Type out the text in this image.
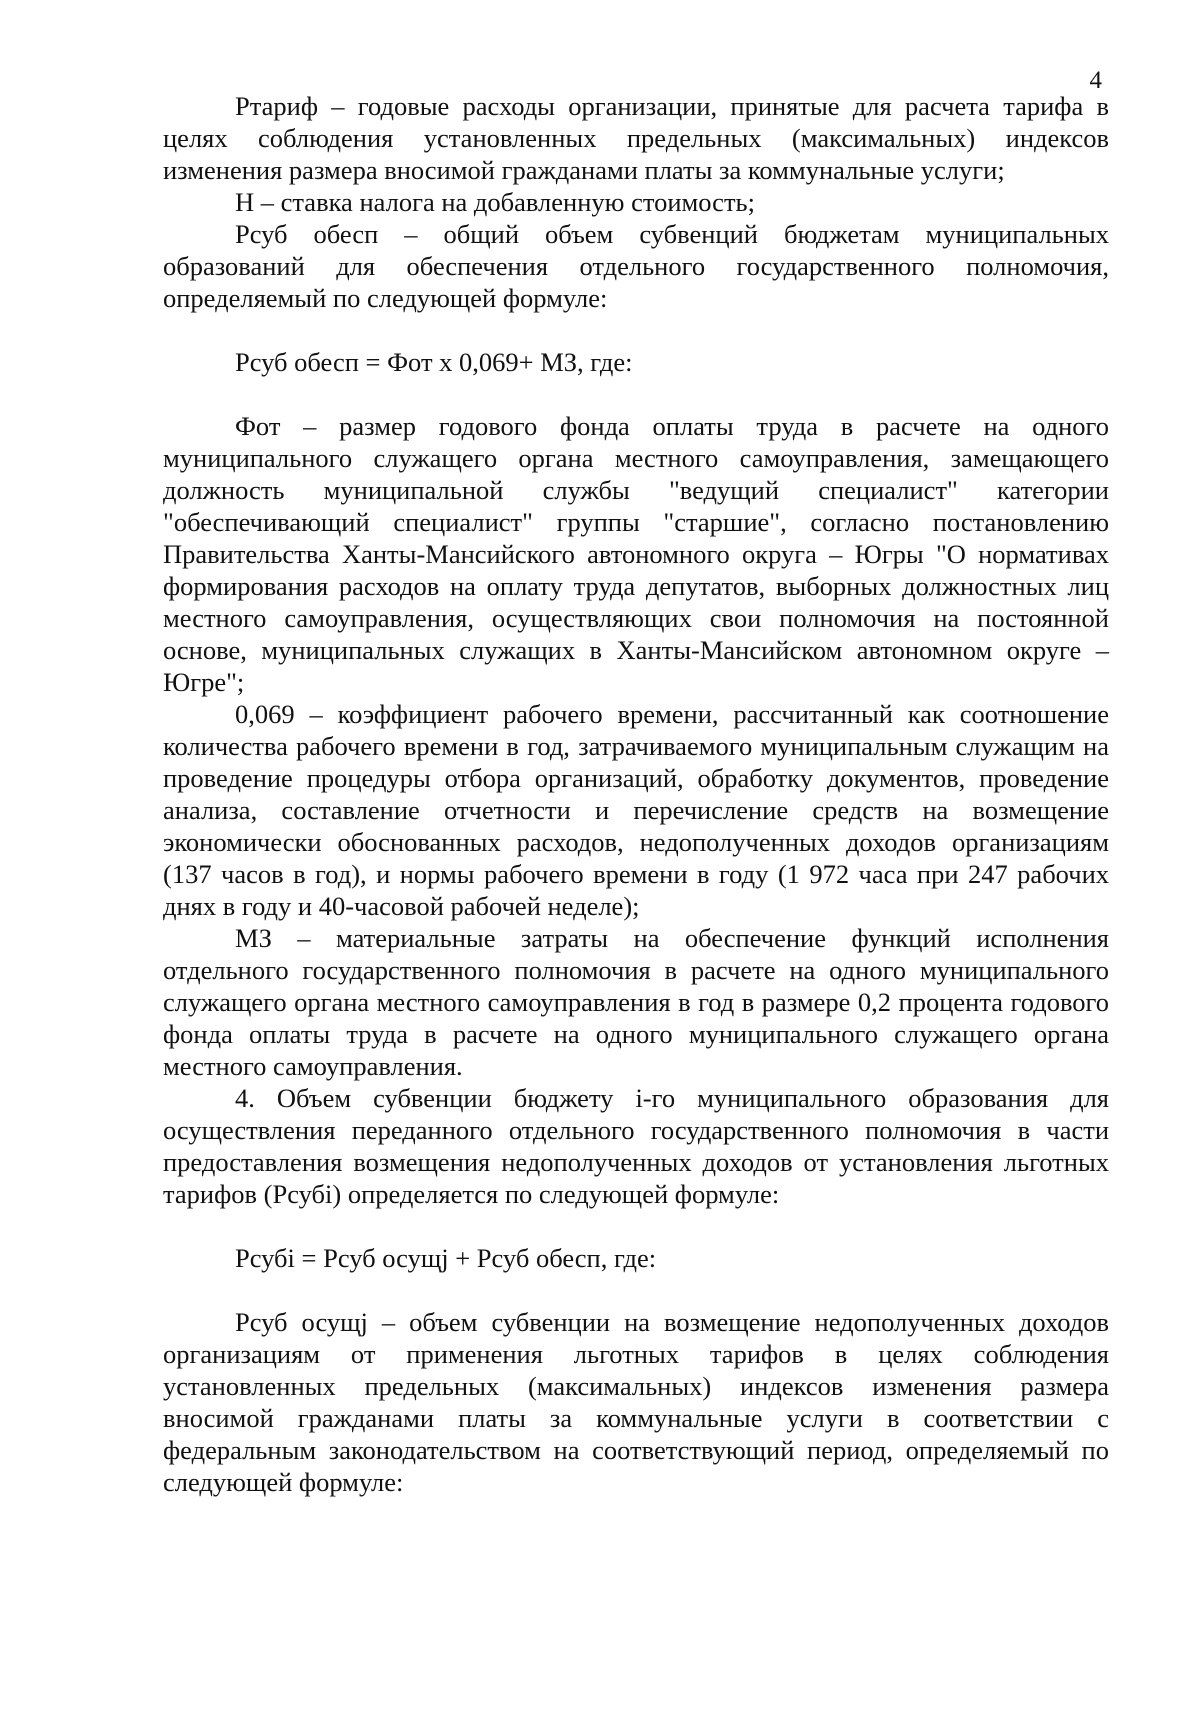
4

Ртариф – годовые расходы организации, принятые для расчета тарифа в целях соблюдения установленных предельных (максимальных) индексов изменения размера вносимой гражданами платы за коммунальные услуги;

Н – ставка налога на добавленную стоимость;

Рсуб обесп – общий объем субвенций бюджетам муниципальных образований для обеспечения отдельного государственного полномочия, определяемый по следующей формуле:

Рсуб обесп = Фот х 0,069+ МЗ, где:

Фот – размер годового фонда оплаты труда в расчете на одного муниципального служащего органа местного самоуправления, замещающего должность муниципальной службы "ведущий специалист" категории "обеспечивающий специалист" группы "старшие", согласно постановлению Правительства Ханты-Мансийского автономного округа – Югры "О нормативах формирования расходов на оплату труда депутатов, выборных должностных лиц местного самоуправления, осуществляющих свои полномочия на постоянной основе, муниципальных служащих в Ханты-Мансийском автономном округе – Югре";

0,069 – коэффициент рабочего времени, рассчитанный как соотношение количества рабочего времени в год, затрачиваемого муниципальным служащим на проведение процедуры отбора организаций, обработку документов, проведение анализа, составление отчетности и перечисление средств на возмещение экономически обоснованных расходов, недополученных доходов организациям (137 часов в год), и нормы рабочего времени в году (1 972 часа при 247 рабочих днях в году и 40-часовой рабочей неделе);

МЗ – материальные затраты на обеспечение функций исполнения отдельного государственного полномочия в расчете на одного муниципального служащего органа местного самоуправления в год в размере 0,2 процента годового фонда оплаты труда в расчете на одного муниципального служащего органа местного самоуправления.

4. Объем субвенции бюджету i-го муниципального образования для осуществления переданного отдельного государственного полномочия в части предоставления возмещения недополученных доходов от установления льготных тарифов (Рсубi) определяется по следующей формуле:

Рсубi = Рсуб осущj + Рсуб обесп, где:

Рсуб осущj – объем субвенции на возмещение недополученных доходов организациям от применения льготных тарифов в целях соблюдения установленных предельных (максимальных) индексов изменения размера вносимой гражданами платы за коммунальные услуги в соответствии с федеральным законодательством на соответствующий период, определяемый по следующей формуле:
